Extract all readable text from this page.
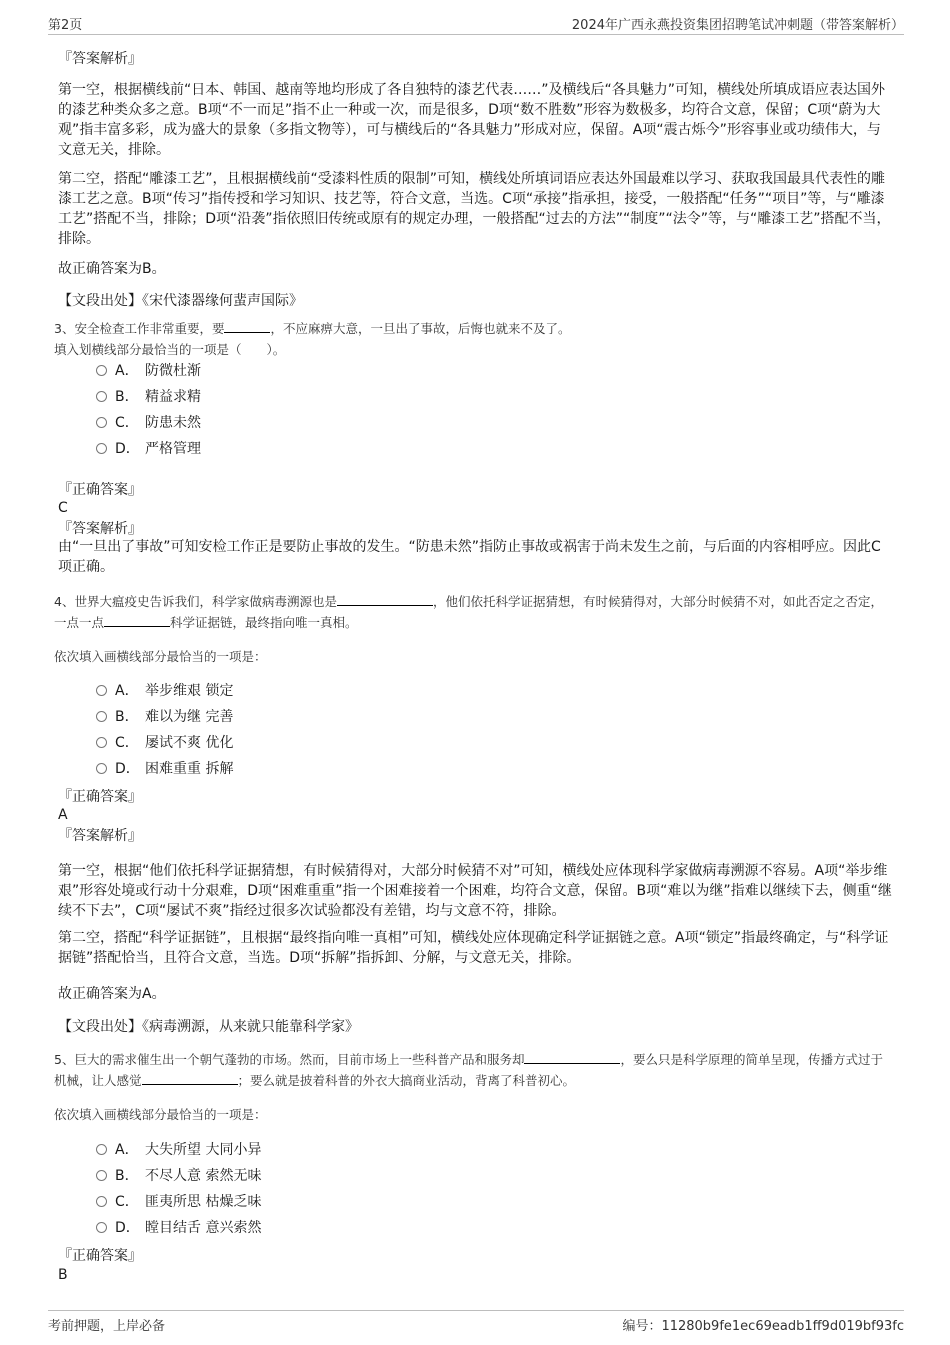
第2页	2024年广西永燕投资集团招聘笔试冲刺题（带答案解析）
『答案解析』

第一空，根据横线前“日本、韩国、越南等地均形成了各自独特的漆艺代表……”及横线后“各具魅力”可知，横线处所填成语应表达国外的漆艺种类众多之意。B项“不一而足”指不止一种或一次，而是很多，D项“数不胜数”形容为数极多，均符合文意，保留；C项“蔚为大观”指丰富多彩，成为盛大的景象（多指文物等），可与横线后的“各具魅力”形成对应，保留。A项“震古烁今”形容事业或功绩伟大，与文意无关，排除。

第二空，搭配“雕漆工艺”，且根据横线前“受漆料性质的限制”可知，横线处所填词语应表达外国最难以学习、获取我国最具代表性的雕漆工艺之意。B项“传习”指传授和学习知识、技艺等，符合文意，当选。C项“承接”指承担，接受，一般搭配“任务”“项目”等，与“雕漆工艺”搭配不当，排除；D项“沿袭”指依照旧传统或原有的规定办理，一般搭配“过去的方法”“制度”“法令”等，与“雕漆工艺”搭配不当，排除。

故正确答案为B。
【文段出处】《宋代漆器缘何蜚声国际》

3、安全检查工作非常重要，要	，不应麻痹大意，一旦出了事故，后悔也就来不及了。
填入划横线部分最恰当的一项是（　　）。

A． 防微杜渐
B． 精益求精
C． 防患未然
D． 严格管理
『正确答案』
C
『答案解析』

由“一旦出了事故”可知安检工作正是要防止事故的发生。“防患未然”指防止事故或祸害于尚未发生之前，与后面的内容相呼应。因此C项正确。

4、世界大瘟疫史告诉我们，科学家做病毒溯源也是	，他们依托科学证据猜想，有时候猜得对，大部分时候猜不对，如此否定之否定，一点一点	科学证据链，最终指向唯一真相。

依次填入画横线部分最恰当的一项是：
A． 举步维艰 锁定
B． 难以为继 完善
C． 屡试不爽 优化
D． 困难重重 拆解
『正确答案』
A
『答案解析』

第一空，根据“他们依托科学证据猜想，有时候猜得对，大部分时候猜不对”可知，横线处应体现科学家做病毒溯源不容易。A项“举步维艰”形容处境或行动十分艰难，D项“困难重重”指一个困难接着一个困难，均符合文意，保留。B项“难以为继”指难以继续下去，侧重“继续不下去”，C项“屡试不爽”指经过很多次试验都没有差错，均与文意不符，排除。

第二空，搭配“科学证据链”，且根据“最终指向唯一真相”可知，横线处应体现确定科学证据链之意。A项“锁定”指最终确定，与“科学证据链”搭配恰当，且符合文意，当选。D项“拆解”指拆卸、分解，与文意无关，排除。

故正确答案为A。
【文段出处】《病毒溯源，从来就只能靠科学家》

5、巨大的需求催生出一个朝气蓬勃的市场。然而，目前市场上一些科普产品和服务却	，要么只是科学原理的简单呈现，传播方式过于机械，让人感觉	；要么就是披着科普的外衣大搞商业活动，背离了科普初心。

依次填入画横线部分最恰当的一项是：
A． 大失所望 大同小异
B． 不尽人意 索然无味
C． 匪夷所思 枯燥乏味
D． 瞠目结舌 意兴索然
『正确答案』
B
考前押题，上岸必备	编号：11280b9fe1ec69eadb1ff9d019bf93fc
